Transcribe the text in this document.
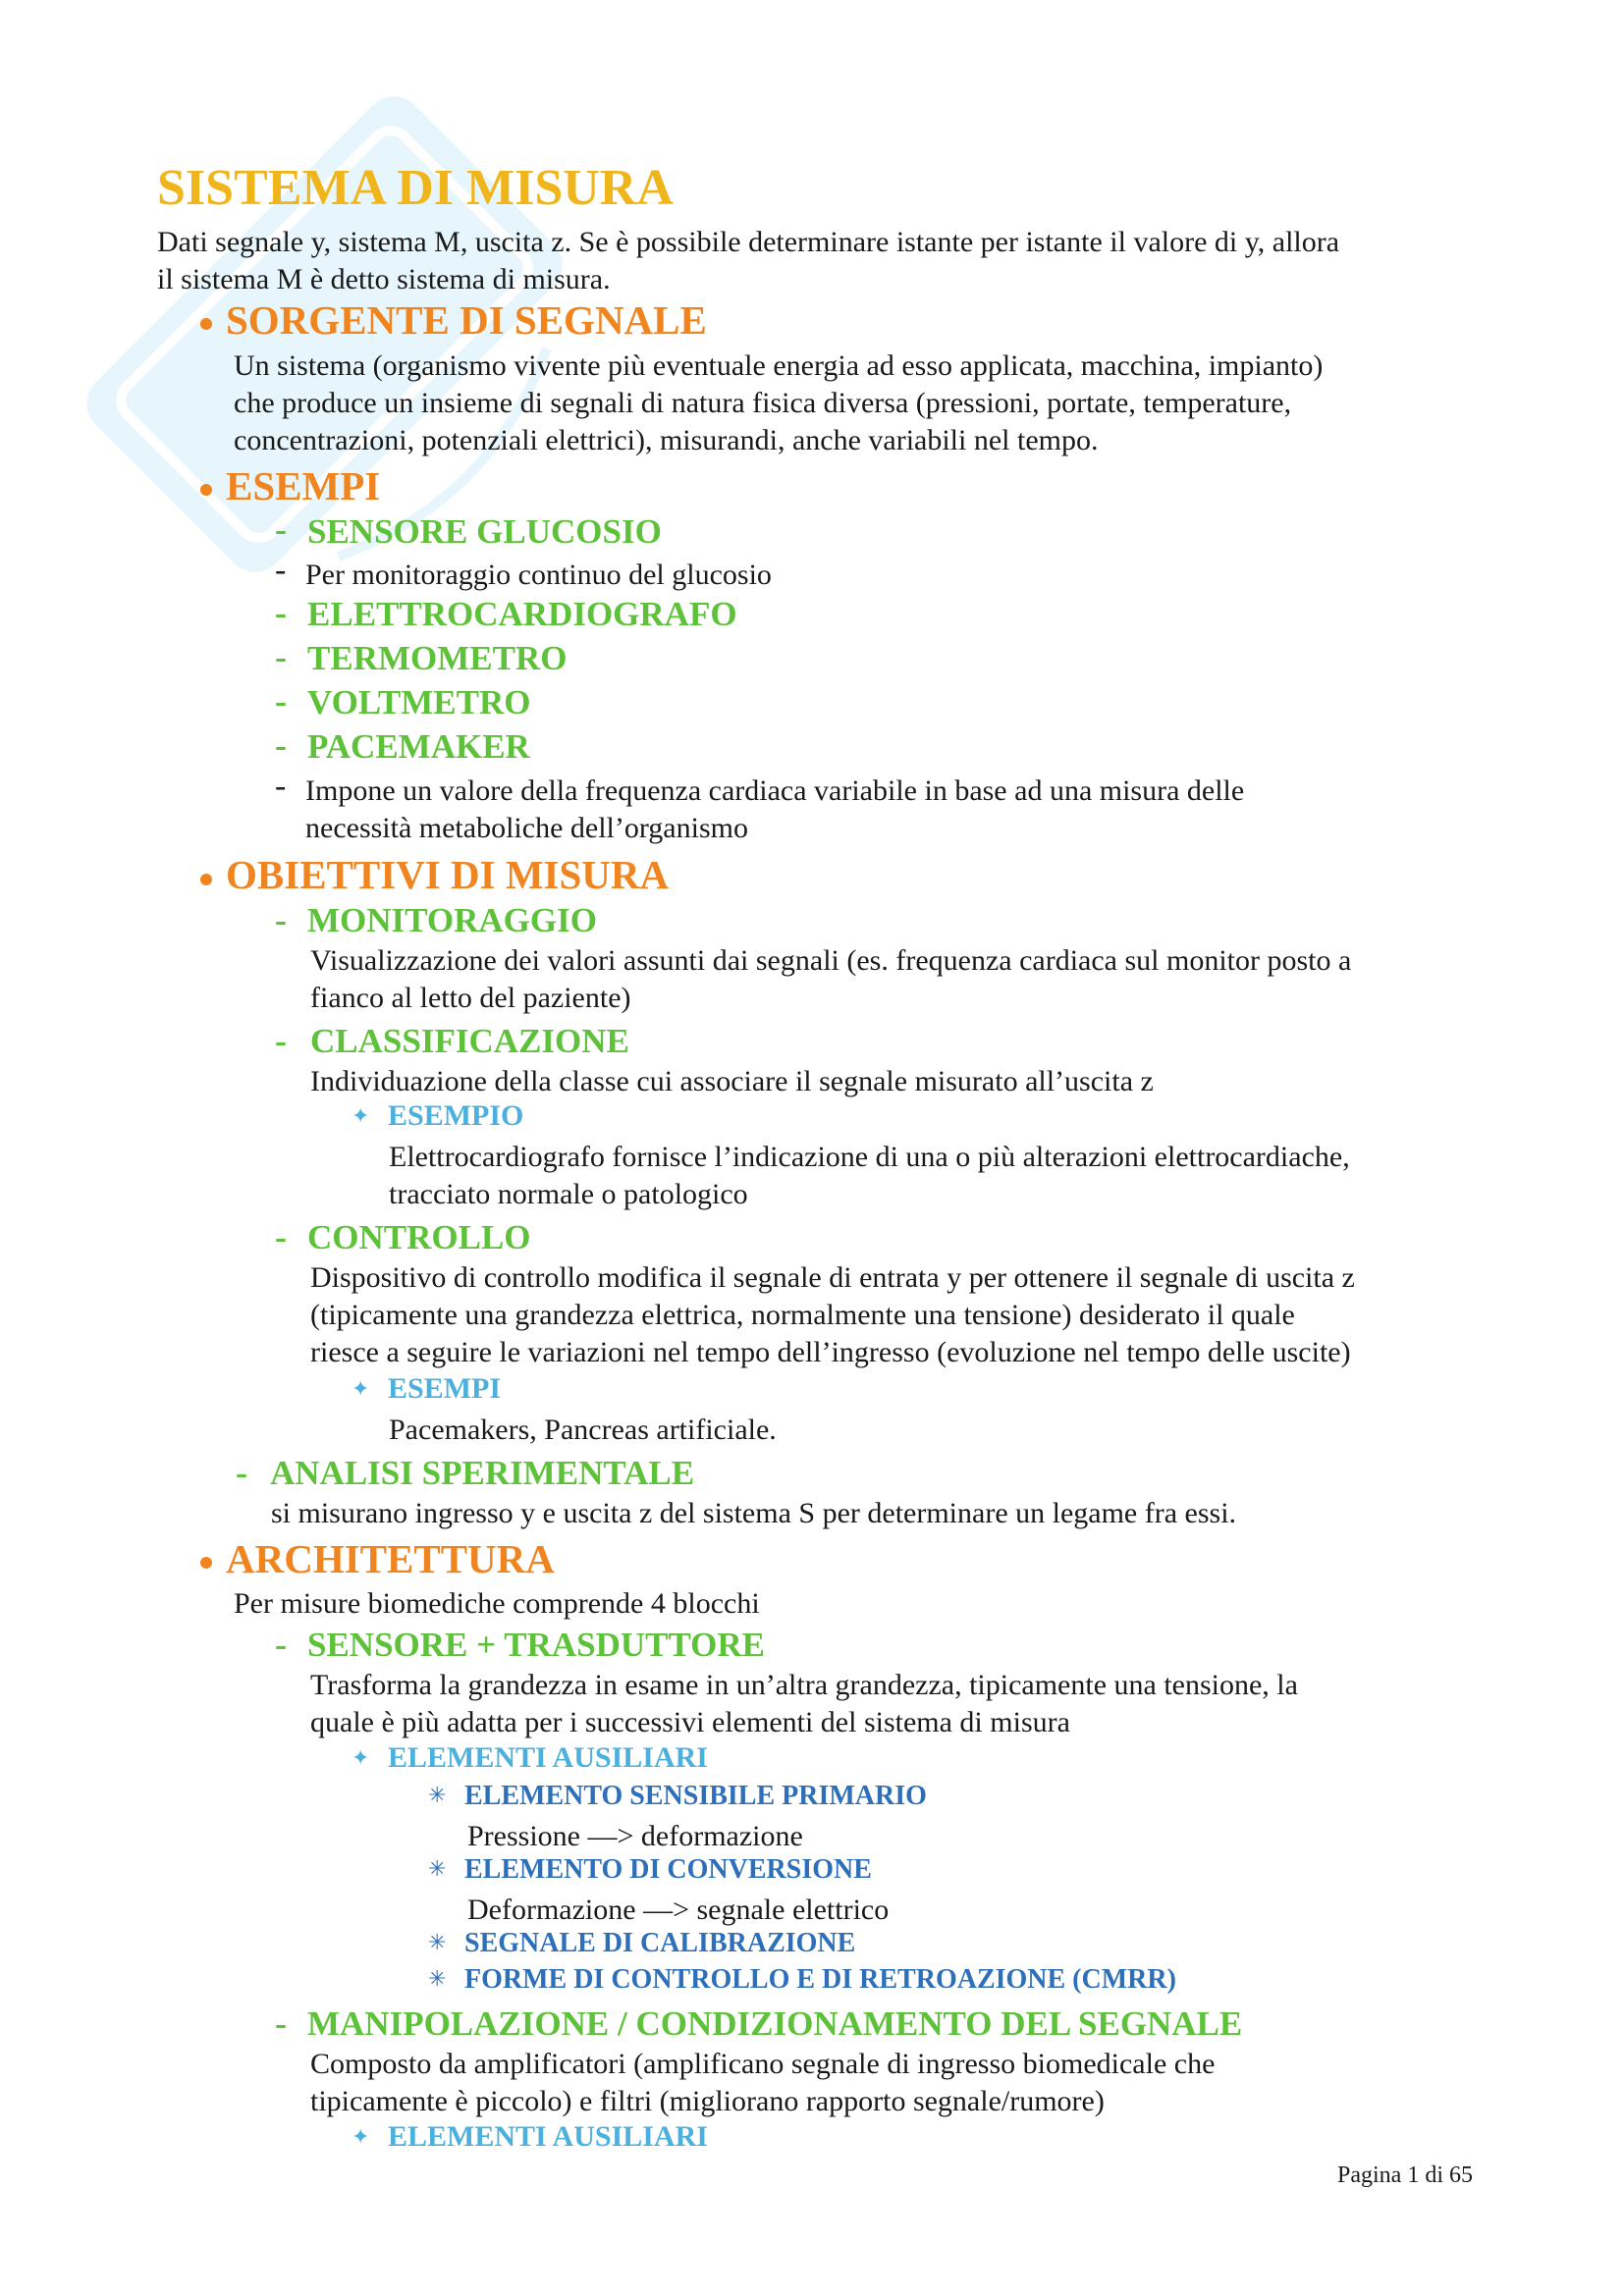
SISTEMA DI MISURA
Dati segnale y, sistema M, uscita z. Se è possibile determinare istante per istante il valore di y, allora
il sistema M è detto sistema di misura.
SORGENTE DI SEGNALE
Un sistema (organismo vivente più eventuale energia ad esso applicata, macchina, impianto)
che produce un insieme di segnali di natura fisica diversa (pressioni, portate, temperature,
concentrazioni, potenziali elettrici), misurandi, anche variabili nel tempo.
ESEMPI
- SENSORE GLUCOSIO
- Per monitoraggio continuo del glucosio
- ELETTROCARDIOGRAFO
- TERMOMETRO
- VOLTMETRO
- PACEMAKER
- Impone un valore della frequenza cardiaca variabile in base ad una misura delle
necessità metaboliche dell’organismo
OBIETTIVI DI MISURA
- MONITORAGGIO
Visualizzazione dei valori assunti dai segnali (es. frequenza cardiaca sul monitor posto a
fianco al letto del paziente)
- CLASSIFICAZIONE
Individuazione della classe cui associare il segnale misurato all’uscita z
✦ ESEMPIO
Elettrocardiografo fornisce l’indicazione di una o più alterazioni elettrocardiache,
tracciato normale o patologico
- CONTROLLO
Dispositivo di controllo modifica il segnale di entrata y per ottenere il segnale di uscita z
(tipicamente una grandezza elettrica, normalmente una tensione) desiderato il quale
riesce a seguire le variazioni nel tempo dell’ingresso (evoluzione nel tempo delle uscite)
✦ ESEMPI
Pacemakers, Pancreas artificiale.
- ANALISI SPERIMENTALE
si misurano ingresso y e uscita z del sistema S per determinare un legame fra essi.
ARCHITETTURA
Per misure biomediche comprende 4 blocchi
- SENSORE + TRASDUTTORE
Trasforma la grandezza in esame in un’altra grandezza, tipicamente una tensione, la
quale è più adatta per i successivi elementi del sistema di misura
✦ ELEMENTI AUSILIARI
✳ ELEMENTO SENSIBILE PRIMARIO
Pressione —> deformazione
✳ ELEMENTO DI CONVERSIONE
Deformazione —> segnale elettrico
✳ SEGNALE DI CALIBRAZIONE
✳ FORME DI CONTROLLO E DI RETROAZIONE (CMRR)
- MANIPOLAZIONE / CONDIZIONAMENTO DEL SEGNALE
Composto da amplificatori (amplificano segnale di ingresso biomedicale che
tipicamente è piccolo) e filtri (migliorano rapporto segnale/rumore)
✦ ELEMENTI AUSILIARI
Pagina 1 di 65
